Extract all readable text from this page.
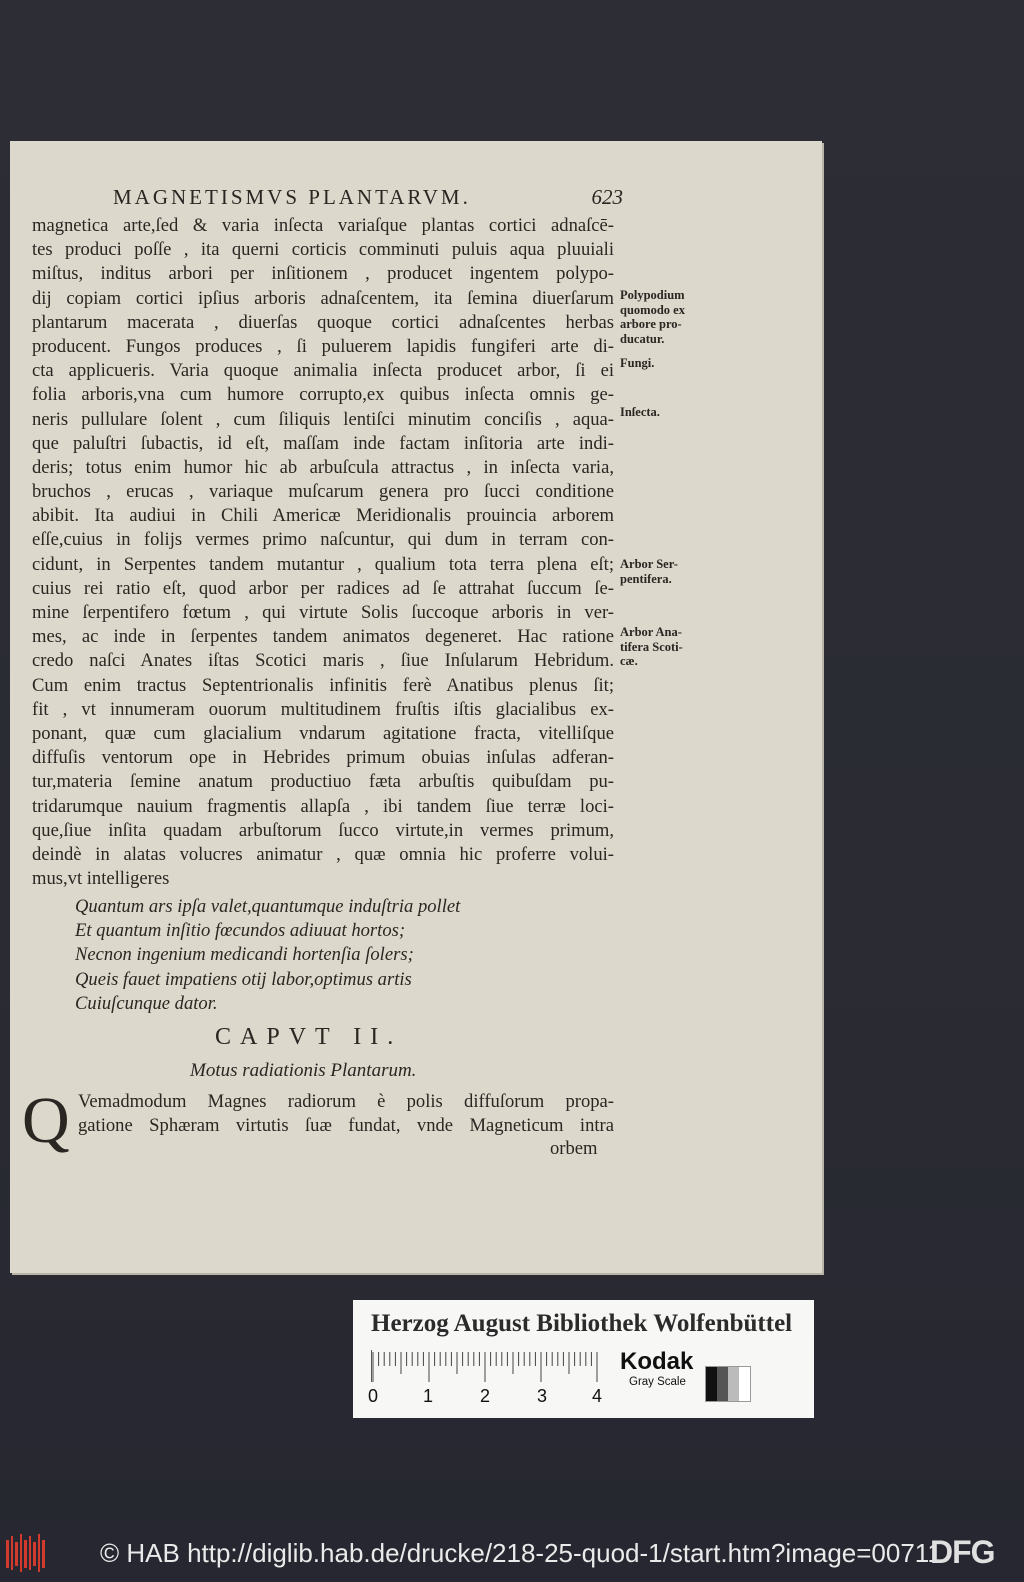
MAGNETISMVS PLANTARVM.	623
magnetica arte,ſed & varia inſecta variaſque plantas cortici adnaſcē-
tes produci poſſe , ita querni corticis comminuti puluis aqua pluuiali
miſtus, inditus arbori per inſitionem , producet ingentem polypo-
dij copiam cortici ipſius arboris adnaſcentem, ita ſemina diuerſarum
plantarum macerata , diuerſas quoque cortici adnaſcentes herbas
producent. Fungos produces , ſi puluerem lapidis fungiferi arte di-
cta applicueris. Varia quoque animalia inſecta producet arbor, ſi ei
folia arboris,vna cum humore corrupto,ex quibus inſecta omnis ge-
neris pullulare ſolent , cum ſiliquis lentiſci minutim conciſis , aqua-
que paluſtri ſubactis, id eſt, maſſam inde factam inſitoria arte indi-
deris; totus enim humor hic ab arbuſcula attractus , in inſecta varia,
bruchos , erucas , variaque muſcarum genera pro ſucci conditione
abibit. Ita audiui in Chili Americæ Meridionalis prouincia arborem
eſſe,cuius in folijs vermes primo naſcuntur, qui dum in terram con-
cidunt, in Serpentes tandem mutantur , qualium tota terra plena eſt;
cuius rei ratio eſt, quod arbor per radices ad ſe attrahat ſuccum ſe-
mine ſerpentifero fœtum , qui virtute Solis ſuccoque arboris in ver-
mes, ac inde in ſerpentes tandem animatos degeneret. Hac ratione
credo naſci Anates iſtas Scotici maris , ſiue Inſularum Hebridum.
Cum enim tractus Septentrionalis infinitis ferè Anatibus plenus ſit;
fit , vt innumeram ouorum multitudinem fruſtis iſtis glacialibus ex-
ponant, quæ cum glacialium vndarum agitatione fracta, vitelliſque
diffuſis ventorum ope in Hebrides primum obuias inſulas adferan-
tur,materia ſemine anatum productiuo fæta arbuſtis quibuſdam pu-
tridarumque nauium fragmentis allapſa , ibi tandem ſiue terræ loci-
que,ſiue inſita quadam arbuſtorum ſucco virtute,in vermes primum,
deindè in alatas volucres animatur , quæ omnia hic proferre volui-
mus,vt intelligeres
Polypodium
quomodo ex
arbore pro-
ducatur.
Fungi.
Inſecta.
Arbor Ser-
pentifera.
Arbor Ana-
tifera Scoti-
cæ.
Quantum ars ipſa valet,quantumque induſtria pollet
Et quantum inſitio fœcundos adiuuat hortos;
Necnon ingenium medicandi hortenſia ſolers;
Queis fauet impatiens otij labor,optimus artis
Cuiuſcunque dator.
CAPVT II.
Motus radiationis Plantarum.
Q Vemadmodum Magnes radiorum è polis diffuſorum propa-
gatione Sphæram virtutis ſuæ fundat, vnde Magneticum intra
orbem
Herzog August Bibliothek Wolfenbüttel
0 1	2	3 4
Kodak
Gray Scale
© HAB http://diglib.hab.de/drucke/218-25-quod-1/start.htm?image=00711
DFG
